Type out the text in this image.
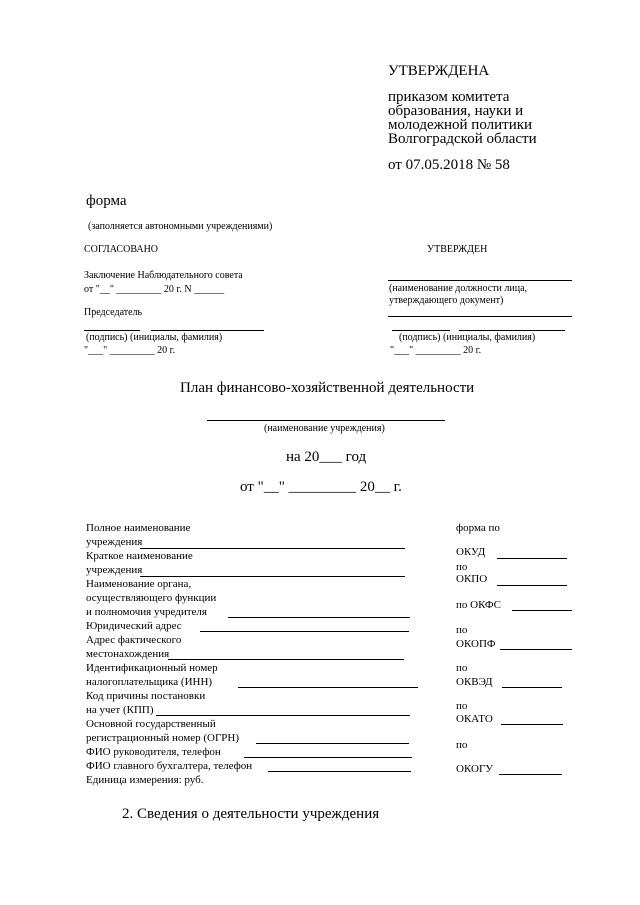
УТВЕРЖДЕНА
приказом комитета
образования, науки и
молодежной политики
Волгоградской области
от 07.05.2018 № 58
форма
(заполняется автономными учреждениями)
СОГЛАСОВАНО
Заключение Наблюдательного совета
от "__" _________ 20 г. N ______
Председатель
(подпись) (инициалы, фамилия)
"___" _________ 20 г.
УТВЕРЖДЕН
(наименование должности лица,
утверждающего документ)
(подпись) (инициалы, фамилия)
"___" _________ 20 г.
План финансово-хозяйственной деятельности
(наименование учреждения)
на 20___ год
от "__" _________ 20__ г.
Полное наименование
учреждения
Краткое наименование
учреждения
Наименование органа,
осуществляющего функции
и полномочия учредителя
Юридический адрес
Адрес фактического
местонахождения
Идентификационный номер
налогоплательщика (ИНН)
Код причины постановки
на учет (КПП)
Основной государственный
регистрационный номер (ОГРН)
ФИО руководителя, телефон
ФИО главного бухгалтера, телефон
Единица измерения: руб.
форма по
ОКУД
по
ОКПО
по ОКФС
по
ОКОПФ
по
ОКВЭД
по
ОКАТО
по
ОКОГУ
2. Сведения о деятельности учреждения
